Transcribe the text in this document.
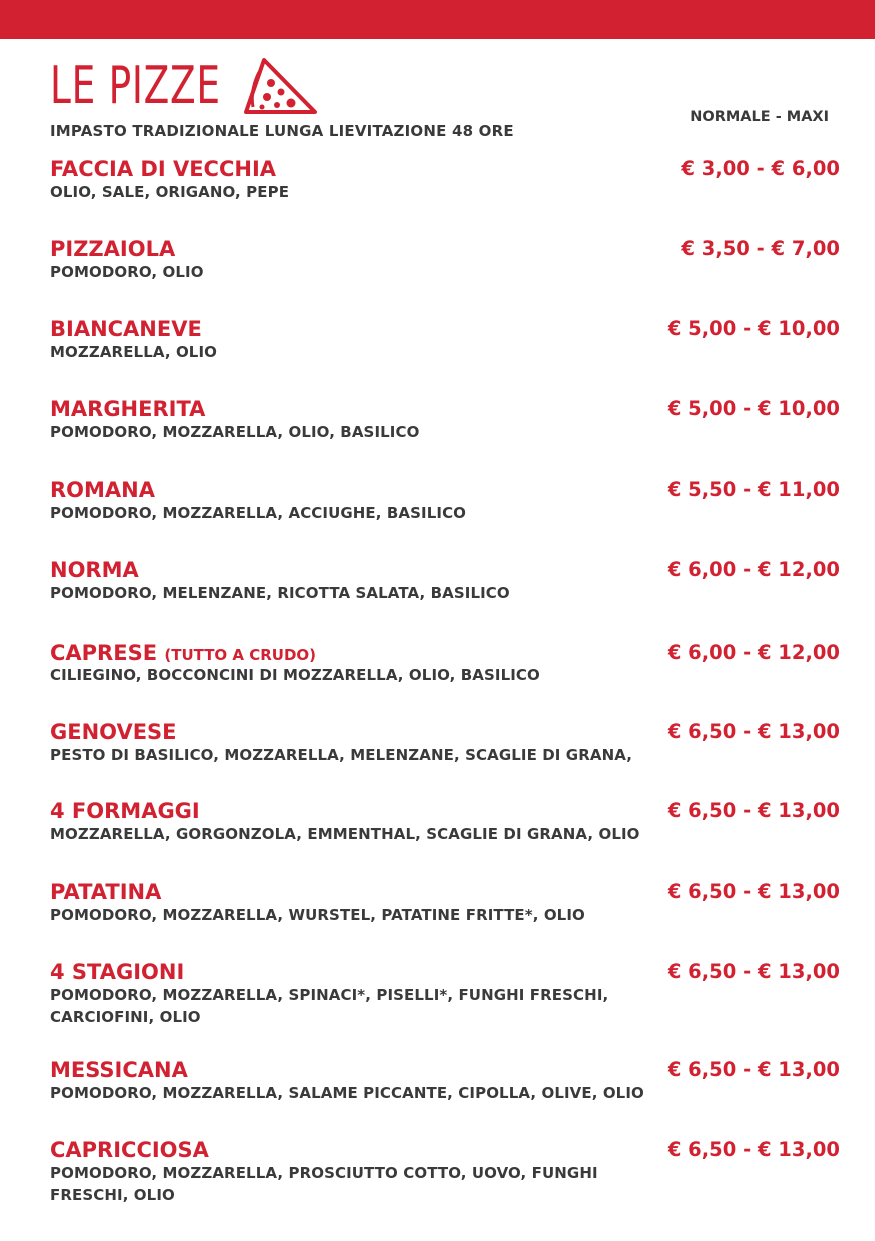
LE PIZZE
IMPASTO TRADIZIONALE LUNGA LIEVITAZIONE 48 ORE
NORMALE - MAXI
FACCIA DI VECCHIA	€ 3,00 - € 6,00
OLIO, SALE, ORIGANO, PEPE
PIZZAIOLA	€ 3,50 - € 7,00
POMODORO, OLIO
BIANCANEVE	€ 5,00 - € 10,00
MOZZARELLA, OLIO
MARGHERITA	€ 5,00 - € 10,00
POMODORO, MOZZARELLA, OLIO, BASILICO
ROMANA	€ 5,50 - € 11,00
POMODORO, MOZZARELLA, ACCIUGHE, BASILICO
NORMA	€ 6,00 - € 12,00
POMODORO, MELENZANE, RICOTTA SALATA, BASILICO
CAPRESE (TUTTO A CRUDO)	€ 6,00 - € 12,00
CILIEGINO, BOCCONCINI DI MOZZARELLA, OLIO, BASILICO
GENOVESE	€ 6,50 - € 13,00
PESTO DI BASILICO, MOZZARELLA, MELENZANE, SCAGLIE DI GRANA,
4 FORMAGGI	€ 6,50 - € 13,00
MOZZARELLA, GORGONZOLA, EMMENTHAL, SCAGLIE DI GRANA, OLIO
PATATINA	€ 6,50 - € 13,00
POMODORO, MOZZARELLA, WURSTEL, PATATINE FRITTE*, OLIO
4 STAGIONI	€ 6,50 - € 13,00
POMODORO, MOZZARELLA, SPINACI*, PISELLI*, FUNGHI FRESCHI, CARCIOFINI, OLIO
MESSICANA	€ 6,50 - € 13,00
POMODORO, MOZZARELLA, SALAME PICCANTE, CIPOLLA, OLIVE, OLIO
CAPRICCIOSA	€ 6,50 - € 13,00
POMODORO, MOZZARELLA, PROSCIUTTO COTTO, UOVO, FUNGHI FRESCHI, OLIO
